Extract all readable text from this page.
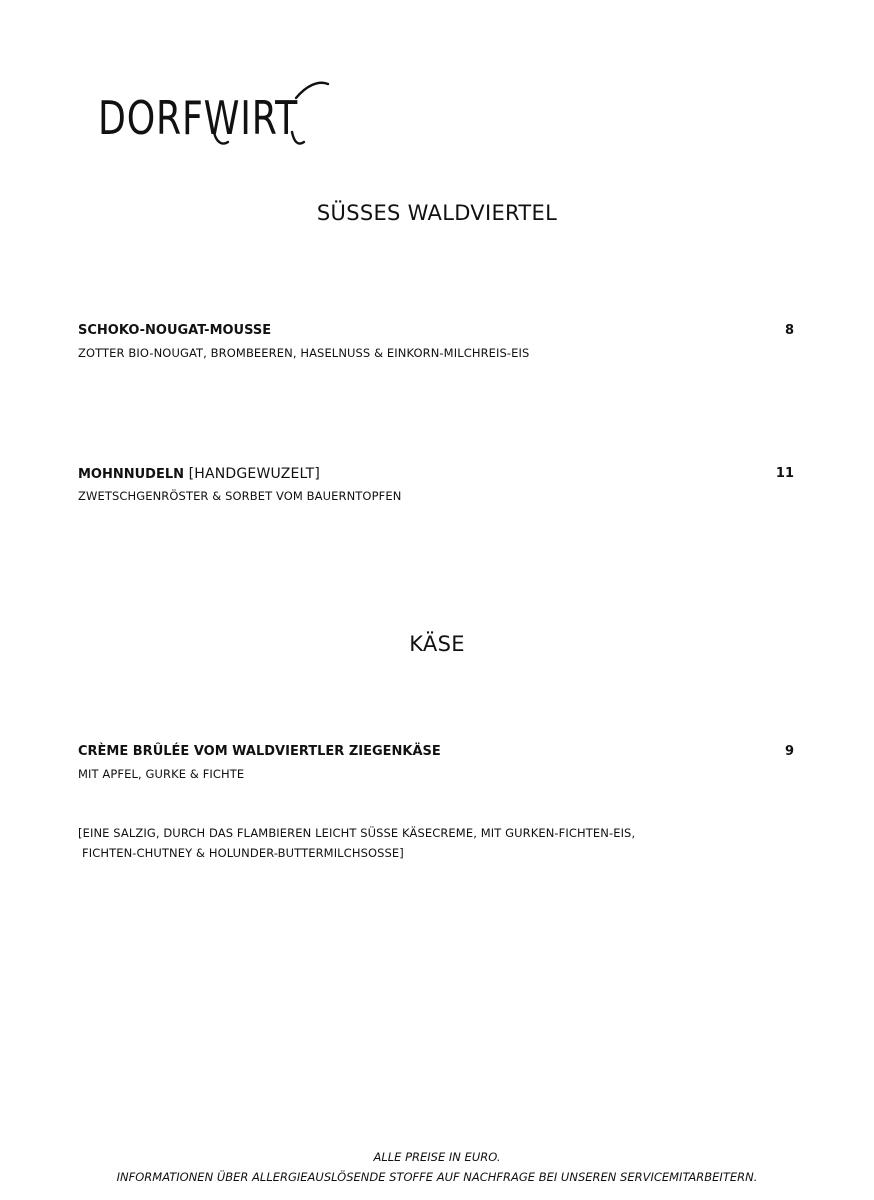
DORFWIRT
SÜSSES WALDVIERTEL
SCHOKO-NOUGAT-MOUSSE	8
ZOTTER BIO-NOUGAT, BROMBEEREN, HASELNUSS & EINKORN-MILCHREIS-EIS
MOHNNUDELN [HANDGEWUZELT]	11
ZWETSCHGENRÖSTER & SORBET VOM BAUERNTOPFEN
KÄSE
CRÈME BRÛLÉE VOM WALDVIERTLER ZIEGENKÄSE	9
MIT APFEL, GURKE & FICHTE
[EINE SALZIG, DURCH DAS FLAMBIEREN LEICHT SÜSSE KÄSECREME, MIT GURKEN-FICHTEN-EIS,
FICHTEN-CHUTNEY & HOLUNDER-BUTTERMILCHSOSSE]
ALLE PREISE IN EURO.
INFORMATIONEN ÜBER ALLERGIEAUSLÖSENDE STOFFE AUF NACHFRAGE BEI UNSEREN SERVICEMITARBEITERN.
